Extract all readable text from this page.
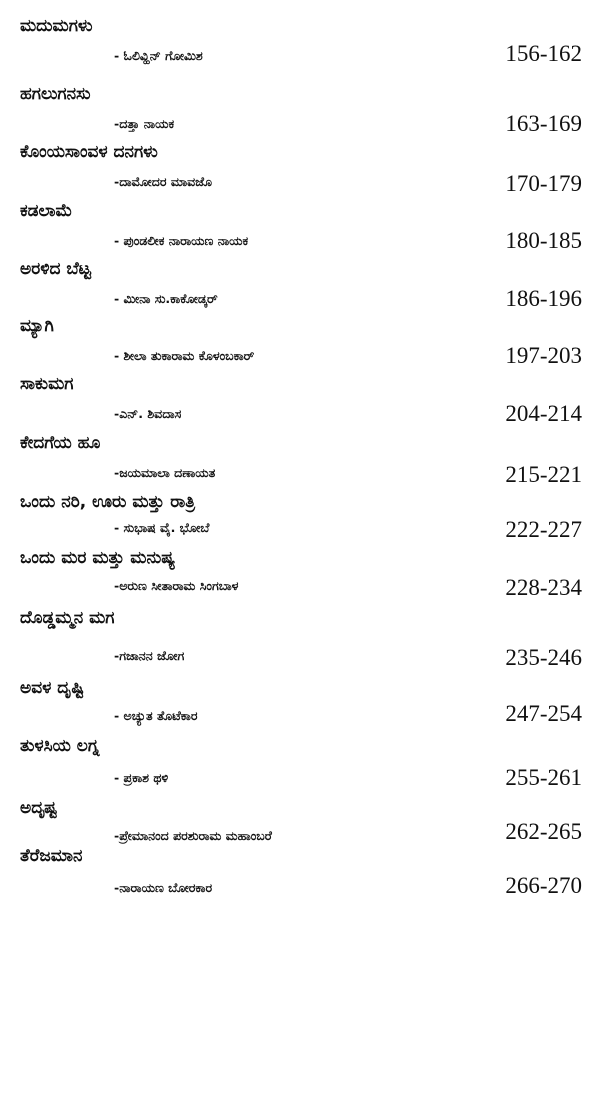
ಮದುಮಗಳು
- ಓಲಿವ್ಹಿನ್ ಗೋಮಿಶ	156-162
ಹಗಲುಗನಸು
-ದತ್ತಾ ನಾಯಕ	163-169
ಕೊಂಯಸಾಂವಳ ದನಗಳು
-ದಾಮೋದರ ಮಾವಜೊ	170-179
ಕಡಲಾಮೆ
- ಪುಂಡಲೀಕ ನಾರಾಯಣ ನಾಯಕ	180-185
ಅರಳಿದ ಬೆಟ್ಟ
- ಮೀನಾ ಸು.ಕಾಕೋಡ್ಕರ್	186-196
ಮ್ಯಾಗಿ
- ಶೀಲಾ ತುಕಾರಾಮ ಕೊಳಂಬಕಾರ್	197-203
ಸಾಕುಮಗ
-ಎನ್. ಶಿವದಾಸ	204-214
ಕೇದಗೆಯ ಹೂ
-ಜಯಮಾಲಾ ದಣಾಯತ	215-221
ಒಂದು ನರಿ, ಊರು ಮತ್ತು ರಾತ್ರಿ
- ಸುಭಾಷ ವೈ. ಭೋಬೆ	222-227
ಒಂದು ಮರ ಮತ್ತು ಮನುಷ್ಯ
-ಅರುಣ ಸೀತಾರಾಮ ಸಿಂಗಬಾಳ	228-234
ದೊಡ್ಡಮ್ಮನ ಮಗ
-ಗಜಾನನ ಜೋಗ	235-246
ಅವಳ ದೃಷ್ಟಿ
- ಅಚ್ಯುತ ತೊಟೆಕಾರ	247-254
ತುಳಸಿಯ ಲಗ್ನ
- ಪ್ರಕಾಶ ಥಳಿ	255-261
ಅದೃಷ್ಟ
-ಪ್ರೇಮಾನಂದ ಪರಶುರಾಮ ಮಹಾಂಬರೆ	262-265
ತೆರೆಜಮಾನ
-ನಾರಾಯಣ ಬೋರಕಾರ	266-270
